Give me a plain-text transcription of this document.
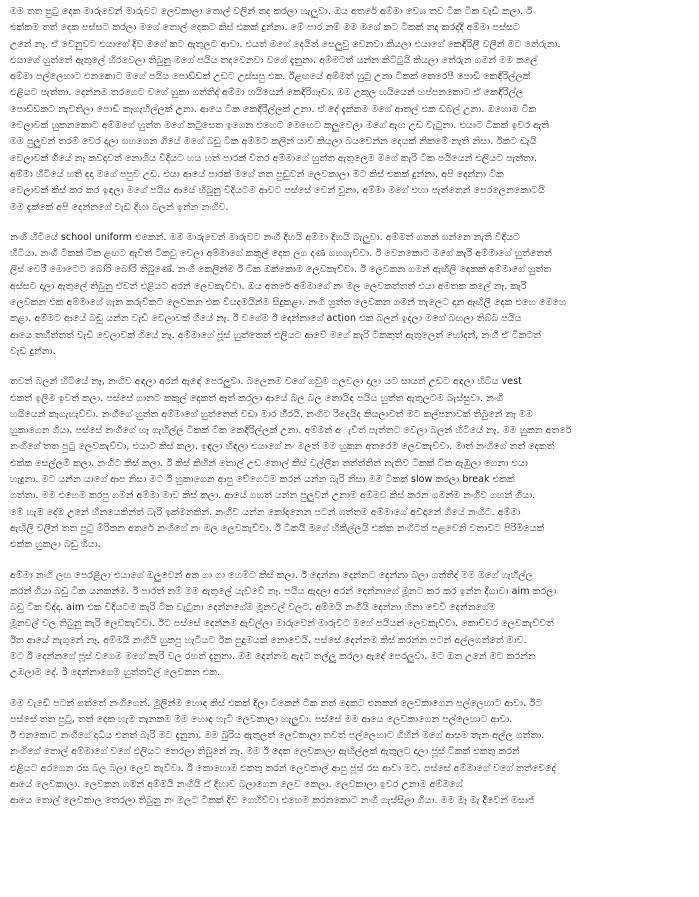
මම තත පුටු දෙක මාරුවෙන් මාරුවට ලෙවකාලා තොල් වලින් තද කරලා හැලුවා. ඔය අතරේ අම්මා වෙශ තව ටික ටික වැඩි කලා. ඊ
එක්කම තත් දෙක පස්සට කරලා මගේ තොල් දෙකට කිස් එකක් දුන්නා. මේ පාර නම් මම මගේ කට ටිකක් තද කරද්දි අම්මා පස්සට
උනේ නෑ. ඒ වෙනුවට එයාගේ දිව මගේ කට ඇතුලට ආවා. එයත් මගේ දෙයිත් සෙලුවු වෙනවා කියලා එයාගේ කෙඳිරිලි වලින් මට තේරුනා.
එයාගේ හුත්තේ ඇතුලේ හීරවෙලා තිබුනු මගේ පයිය තදවෙනවා වගේ දැනුනා. අම්මටත් යන්න කිට්ටුයි කියලා තේරුන ගමන් මම කලේ
අම්මා පල්ලෙහාට එනකොට මගේ පයිය පොඩ්ඩක් උඩට උස්සපු එක. ඊළඟයේ අම්මත් හුටු උනා ටිකක් තෙරෙපී පොඩි කෙඳිරිල්ලක්
එළියට පැත්තා. දෙන්නම තරගෙට වගේ හුකා ගත්තිද් අම්මා හයියෙන් කෙඳිරිගෑවා. මම උකුල හයියෙන් හප්පනකොට ඒ කෙඳිරිල්ල
පොඩ්ඩකට නැවතිලා පොඩි කෑගැහිල්ලක් උනා. ආයෙ ටික කෙඳිරිල්ලක් උනා. ඒ දේ දැක්කම මගේ ආතල් එක ඩබල් උනා. ඔහොම ටික
වෙලාවක් හුකනකොට අම්මගේ හුත්ත මගේ කටුසෙත ඉගෙන එහෙට මෙහෙට කලුවෙලා මගේ ඇඟ උඩ වැටුනා. එයාට ටිකක් ඉවර ඇති
මම පුලුවන් තරම් වෙර දාලා ගහගෙන ගියේ මගේ බඩු ටික අම්මට කලින් යාවි කියලා බයවෙන්න දෙයක් නිකමේ නැති නිසා. ඊකට ඩැයි
වෙලාවක් ගියේ නෑ කවදාවත් නොගිය විදියට හය හත් පාරක් විතර අම්මාගේ හුත්ත ඇතුලෙම මගේ කැරි ටික පයියෙන් එලියට පැත්තා.
අම්මා හීටියේ හති දදා මගේ පපුව උඩ. එයා ආයේ පාරක් මගේ තත පුඩුවන් ලෙවකාලා මට කිස් එකක් දුන්නා. අපි දෙන්නා ටික
වෙලාවක් කිස් කර කර ඉඳලා මගේ පයිය ආයේ හිබුනු විදියටම ආවට පස්සේ වෙන් වුනා. අම්මා මගේ එහා පැත්තෙන් පෙරලෙනකොටයි
මම දැක්කේ අපි දෙන්නගේ වැඩ දිහා බලන් ඉන්න නංගිව.
නංගි හිටියේ school uniform එකෙන්. මම මාරුවෙන් මාරුවට නංගි දිහයි අම්මා දිහයි බැලුවා. අම්මත් ගතන් ගන්නෙ නැති විදියට
හිටියා. නංගි ටිකක් ටික ළඟට ඇවිත් ටිකවු වෙලා අම්මාගේ කකුල් දෙක ලග දණ ගහගැව්වා. ඊ වෙනකොට මගේ කැරි අම්මාගේ හුත්තෙත්
ලිස් වෙරී මොටෙට බෝරි බෝරි තිබුණේ. නංගි කෙලින්ම ඊ ටික ඔක්කොම ලෙවකැව්වා. ඊ ලෙවකන ගමන් ඇඟිලි දෙකක් අම්මාගේ හුත්ත
අස්සට දාලා ඇතුලේ තිබුනු ඒවත් එළියට අරන් ලෙවකැව්වා. ඔය අතරේ අම්මාගේ නං මල ලෙවකත්තත් එයා අමතක කලේ නෑ. කැරි
ලෙවකන එක අම්මාගේ ගැන කරුවිකට ලෙවකන එක වියදමයින්ම සිදුකළා. නංගි හුත්ත ලෙවකන ගමන් තැලෙට දාන ඇඟිලි දෙක එහෙ මෙහෙ
කළා. අම්මට ආයේ බඩු යන්න වැඩි වෙලාවක් ගියේ නෑ. ඊ වගේම ඊ දෙන්නාගේ action එක බලන් ඉදලා මගේ බඟලා තිබ්බ පයිය
ආයෙ තහිත්තත් වැඩි වෙලාවක් ගියේ නෑ. අම්මාගේ ජූස් හුත්තෙත් එලියට ආවේ මගේ කැරි ටිකකුත් ඇතුලෙත් හෝදන්, නංගි ඒ ටිකටත්
වැඩ දුන්නා.
තවත් බලන් හිටියේ නෑ, නංගිව අඳලා අරන් ඇඳේ පෙරලුවා. බලෙනම වගේ ගවුම ගලවලා දාලා යට සායත් උඩට අඳලා හිටිය vest
එකත් ඉලිම ඉවත් කලා. පස්සේ ගානට කකුල් දෙකත් ඈත් කරලා ආයේ බල බල තොයිඳ පයිය හුත්ත ඇතුලටම බැස්සුවා. නංගි
හයියෙන් කෑගැහැව්වා. නංගිගේ හුත්ත අම්මාගේ හුත්තෙත් වඩා මාර හීරයි. නංගිට රිදෙයිද කියලාවත් මට කල්පනාවක් තිබුනේ නෑ මම
හුකාගෙන ගියා. පස්සේ නංගිගේ හෑ ගැහිල්ල ටිකක් ටික කෙඳිරිල්ලක් උනා. අම්මත් අැවිත් පැත්තට වෙලා බලන් හිටියේ නෑ. මම හුකන අතරේ
නංගිගේ තත පුටු ලෙවකැව්වා, එයාට කිස් කලා. ඉඳලා හිඳලා එයාගේ නං මලත් මම හුකන අතරෙම ලෙවකැව්වා. මාත් නංගිගේ තත් දෙකත්
එක්ක සෙල්ලම් කලා. නංගිට කිස් කලා. ඊ කිස් කිහින් තොල් උඩ තොල් කිස් වල්ලිත තත්ත්තිත් නැතිව ටිකක් ටික ඇඹුලා ගෙනා එයා
හැදුනා. මට යන්න යාගේ ආප නිසා මට ඊ හුකාගෙන ආපු වේගෙටම කරන් යන්න බැරි නිසා මම ටිකක් slow කරලා break එකක්
ගත්තා. මම එහෙම කරපු ගමන් අම්මා මාව කිස් කලා. ආයේ ගහත් යන්න පුලුවන් උනාම අම්මව කිස් කරන ගමන්ම නංගිව ගහත් ගියා.
මේ හැම දේම උනේ හීනයෙකින්ත් බැරි ඉක්මනකින්. නංගිව යන්න කෝදනෙන පටන් ගත්තම අම්මාගේ අවදානේ ගියේ නංගිට. අම්මා
ඇඟිලි වලින් තත පුටු මිරිකන අතරේ නංගිගේ නං මල ලෙවකැව්වා. ඊ ටිකයි මගේ හිකිල්ලයි එක්ක නංගිටත් පළවෙනි වතාවට පිරිමියෙක්
එක්ක හුකලා බඩු ගියා.
අම්මා නංගි ලඟ පෙරළිලා එයාගේ ඔලුවෙන් අත ගා ගා හෙමිට කිස් කලා. ඊ දෙන්නා දෙන්නට දෙන්නා බලා ගත්තිද් මම මගේ ගැහිල්ල
කරන් ගියා බඩු ටික යනකන්ම. ඊ පාරත් නම් මම ඇතුලේ යැව්වේ නෑ. පයිය ඇදලා අරන් දෙන්නාගේ මූනට කර කර ඉන්න දීගාවා aim කරලා
බඩු ටික විද්දා. aim එක විදියටම කැරි ටික වැටුනා දෙන්නගේම මූනවල් වලට. අම්මයි නංගියි දෙන්නා හිනා වෙවී දෙන්නගේම
මූනවල් වල තිබුනු කැරි ලෙවකැව්වා. ඊට පස්සේ දෙන්නම ඇවිල්ලා මාරුවෙන් මාරුවට මගේ පයියත් ලෙවකැව්වා. කොච්චර ලෙවකැව්වත්
ඊත ආයේ නැගුනේ නෑ. අම්මයි නංගියි හුකපු හැටියට ඊක පුදුමයක් නොවෙයි. පස්සේ දෙන්නම කිස් කරන්න පටන් අල්ලගත්තේ මාව.
මට ඊ දෙන්නගේ ජූස් වගෙම මගේ කැරි වල රහත් දැනුනා. මම දෙන්නම ඇදට තල්ලු කරලා ඇදේ පෙරලුවා. මට ඔත උනේ මට කරන්න
උඹලාම දේ. ඊ දෙන්නාගෙම හුත්තවල් ලෙවකන එක.
මම වැඩේ පටන් ගත්තේ නංගිගෙන්. මුලින්ම හොඳ කිස් එකක් දීලා ටිකෙන් ටික තත් දෙකට එනකන් ලෙවකාගෙන පල්ලෙහාට ආවා. ඊට
පස්සේ තත පුටු, තත් දෙක හැම තැනකම මම හොඳ හැටි ලෙවකාලා හැලුවා. පස්සේ මම ආයෙ ලෙවකාගෙන පල්ලෙහාට ආවා.
ඊ එනකොට නංගිගේ දාධිය එනත් බැරි මට දැනුනා. මම බුරිය ඇතුලත් ලෙවකාලා තවත් පල්ලෙහාට ගිහින් මගේ ආසම තැන අල්ල ගත්තා.
නංගිගේ තොල් අම්මාගේ වගේ ඵලියට තෙරලා තිබුනේ නෑ. මම ඊ දෙක ලෙවකාලා ඇඟිල්ලක් ඇතුලට දාලා ජූස් ටිකක් එකතු කරන්
එළියට අරගෙන රස බල බලා ලෙව කැව්වා. ඊ කොහොම එකතු කරන් ලෙවකාල් ආපු ජූස් රස ආවා මට. පස්සේ අම්මාගේ වගේ තත්වෙදේ
ආයේ ලෙවකාලා. ලෙවකන ගමන් අම්මයි නංගියි ඒ දිහාව බලාගෙන ලෙව කෙලා. ලෙවකාලා ඉවර උනාම අම්මගේ
ආයෙ තොල් ලෙවකාල තෙරලා තිබුනු නං මලට ටිකක් දිව ගෙහිව්වා එහෙම කරනකොට නංගි ගැස්සිලා ගියා. මම මෑ මැ දීවෙන් මසාජ්
